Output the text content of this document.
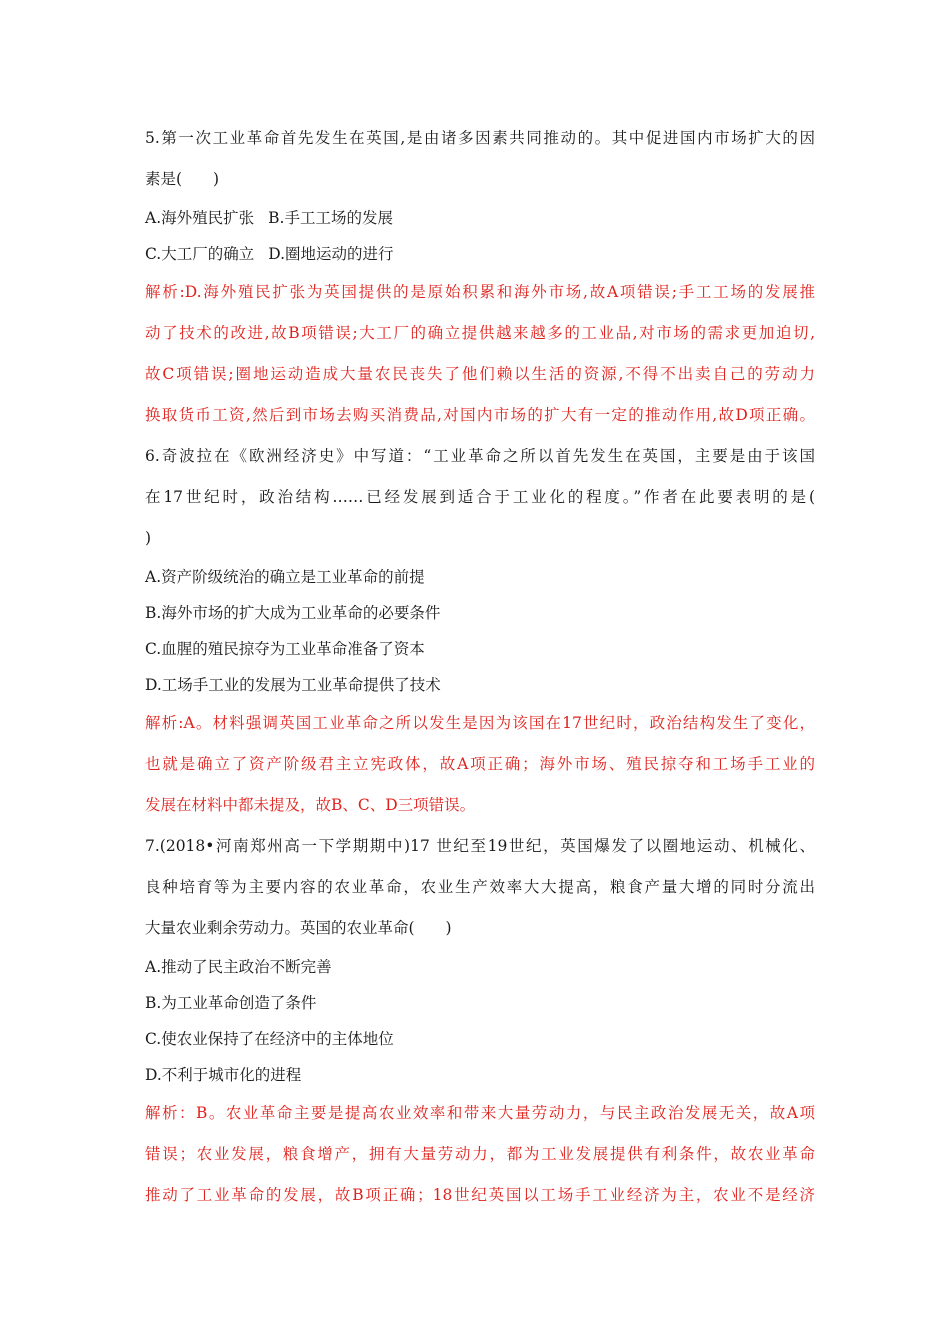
5.第一次工业革命首先发生在英国,是由诸多因素共同推动的。其中促进国内市场扩大的因
素是(　　)
A.海外殖民扩张 B.手工工场的发展
C.大工厂的确立 D.圈地运动的进行
解析:D.海外殖民扩张为英国提供的是原始积累和海外市场,故A项错误;手工工场的发展推
动了技术的改进,故B项错误;大工厂的确立提供越来越多的工业品,对市场的需求更加迫切,
故C项错误;圈地运动造成大量农民丧失了他们赖以生活的资源,不得不出卖自己的劳动力
换取货币工资,然后到市场去购买消费品,对国内市场的扩大有一定的推动作用,故D项正确。
6.奇波拉在《欧洲经济史》中写道：“工业革命之所以首先发生在英国，主要是由于该国
在17世纪时，政治结构……已经发展到适合于工业化的程度。”作者在此要表明的是(
)
A.资产阶级统治的确立是工业革命的前提
B.海外市场的扩大成为工业革命的必要条件
C.血腥的殖民掠夺为工业革命准备了资本
D.工场手工业的发展为工业革命提供了技术
解析:A。材料强调英国工业革命之所以发生是因为该国在17世纪时，政治结构发生了变化，
也就是确立了资产阶级君主立宪政体，故A项正确；海外市场、殖民掠夺和工场手工业的
发展在材料中都未提及，故B、C、D三项错误。
7.(2018•河南郑州高一下学期期中)17 世纪至19世纪，英国爆发了以圈地运动、机械化、
良种培育等为主要内容的农业革命，农业生产效率大大提高，粮食产量大增的同时分流出
大量农业剩余劳动力。英国的农业革命(　　)
A.推动了民主政治不断完善
B.为工业革命创造了条件
C.使农业保持了在经济中的主体地位
D.不利于城市化的进程
解析：B。农业革命主要是提高农业效率和带来大量劳动力，与民主政治发展无关，故A项
错误；农业发展，粮食增产，拥有大量劳动力，都为工业发展提供有利条件，故农业革命
推动了工业革命的发展，故B项正确；18世纪英国以工场手工业经济为主，农业不是经济
